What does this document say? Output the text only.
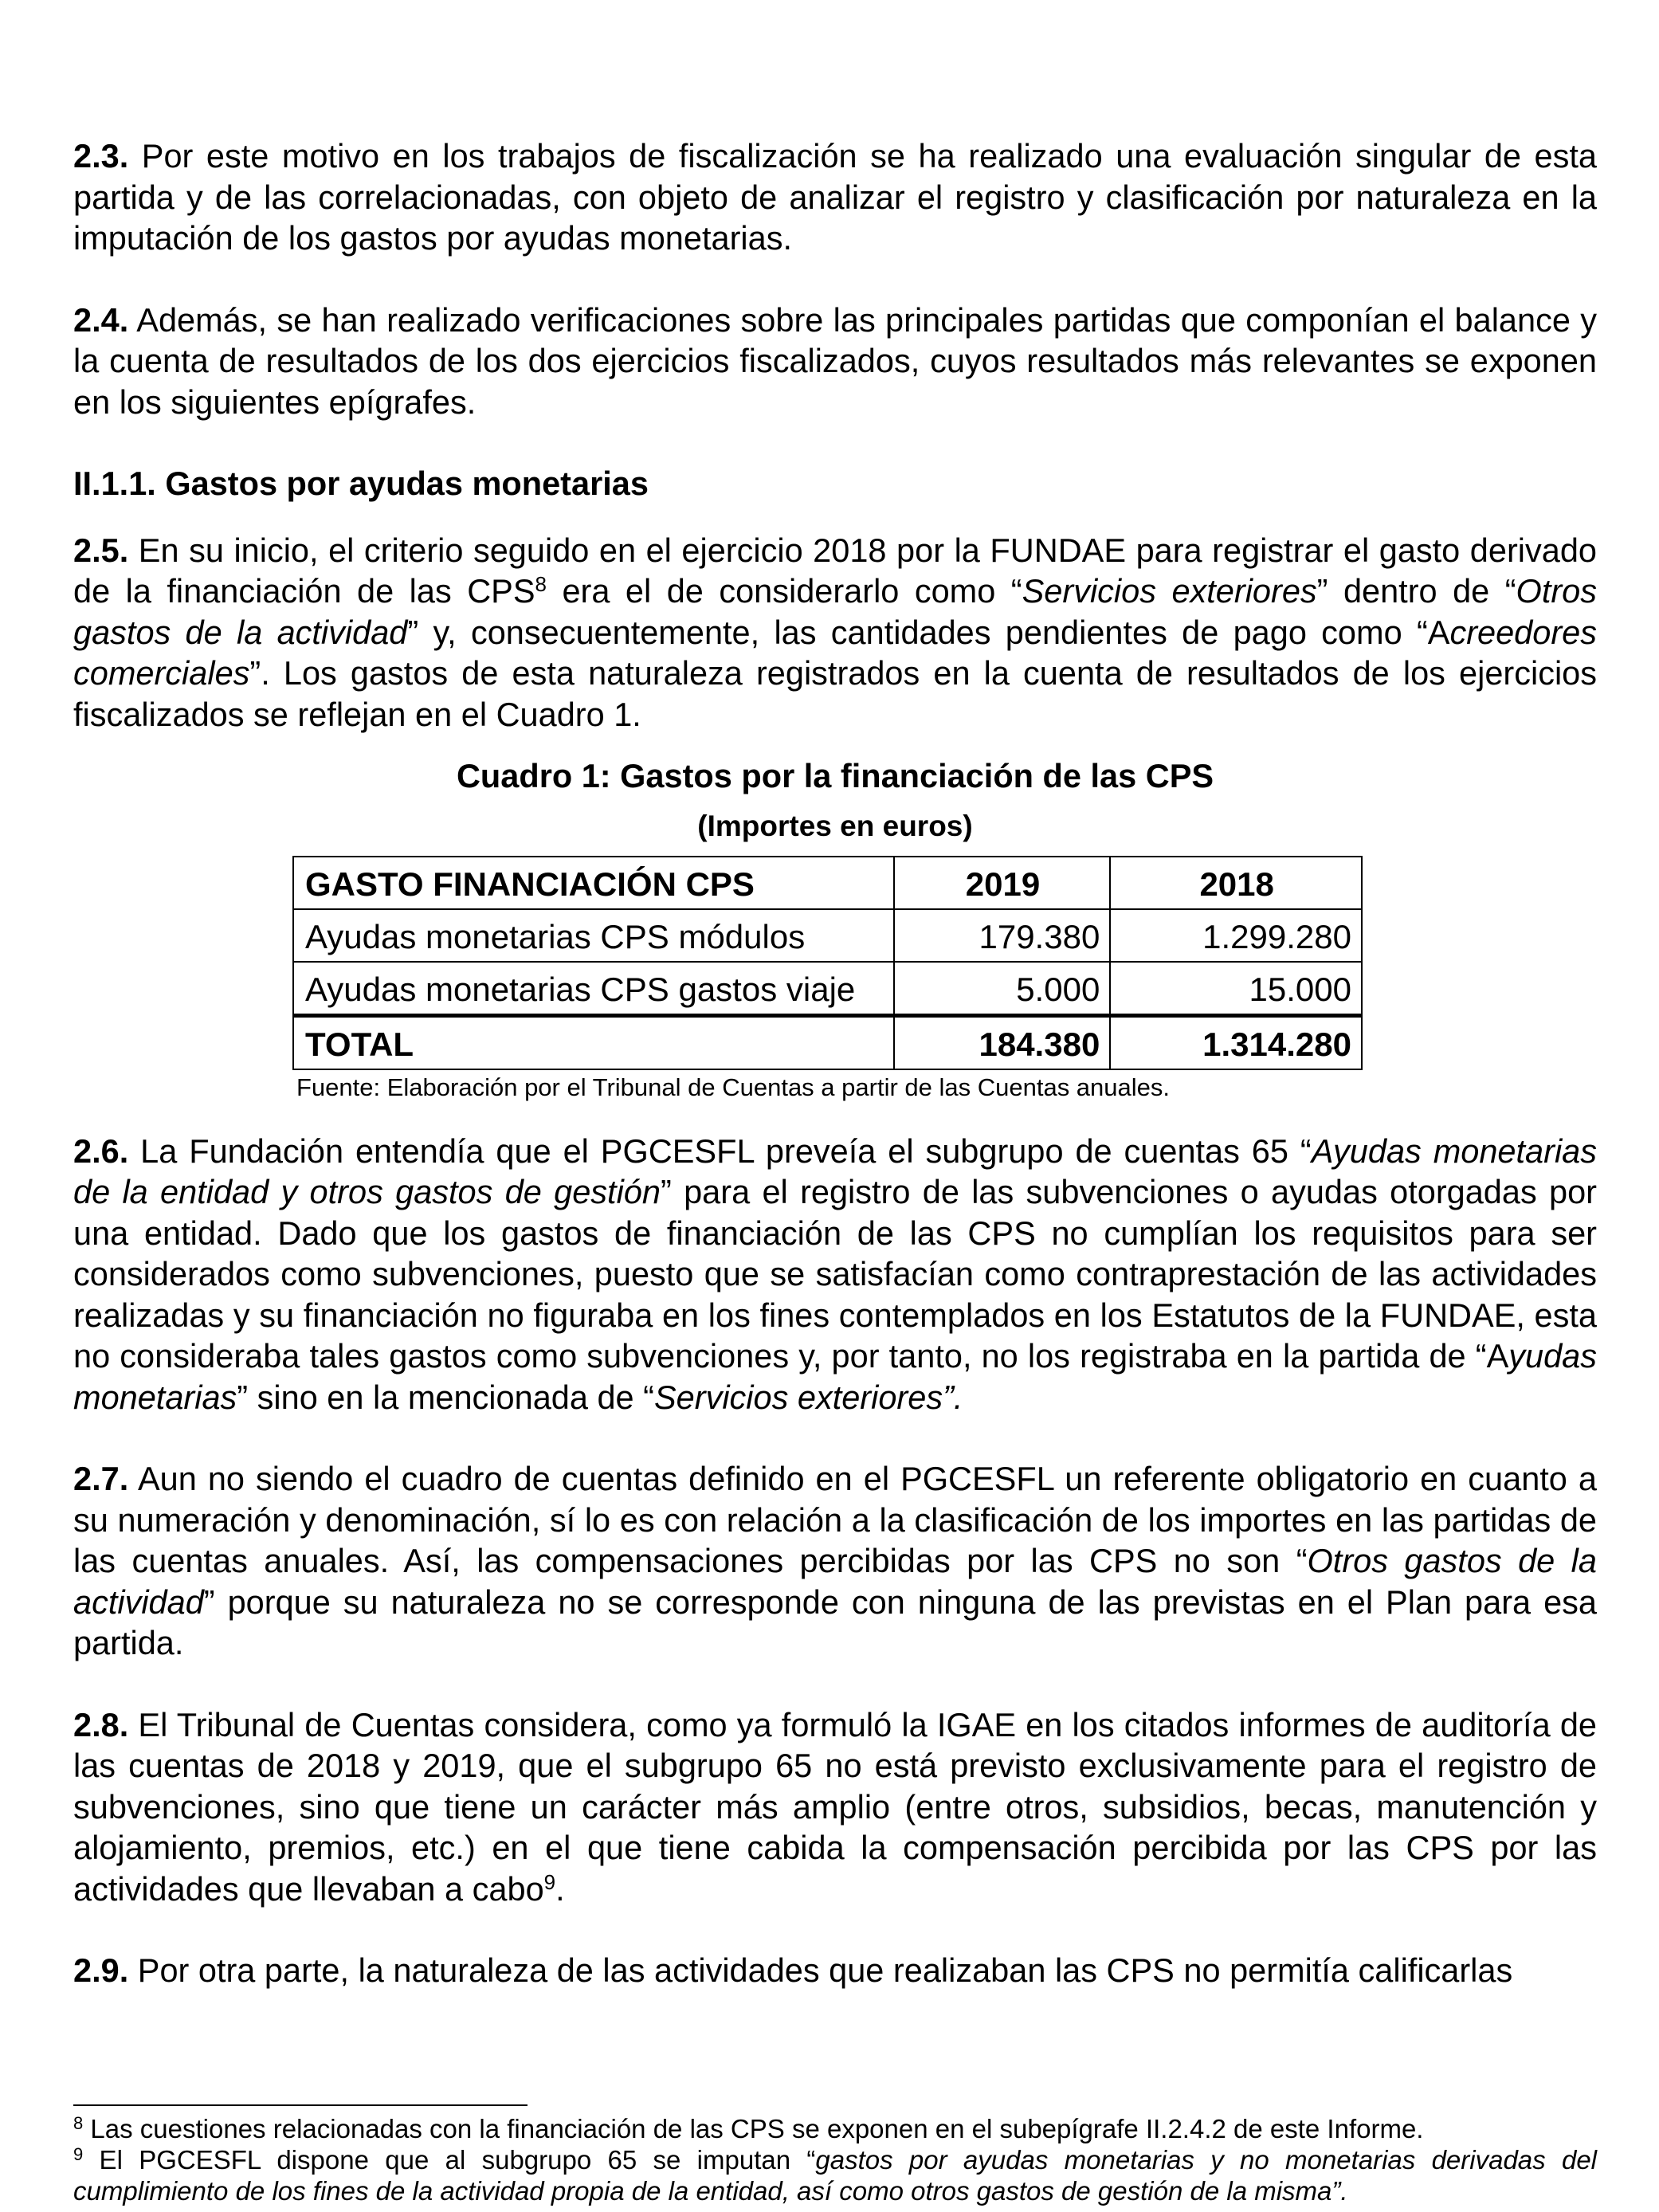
2.3. Por este motivo en los trabajos de fiscalización se ha realizado una evaluación singular de esta partida y de las correlacionadas, con objeto de analizar el registro y clasificación por naturaleza en la imputación de los gastos por ayudas monetarias.

2.4. Además, se han realizado verificaciones sobre las principales partidas que componían el balance y la cuenta de resultados de los dos ejercicios fiscalizados, cuyos resultados más relevantes se exponen en los siguientes epígrafes.

II.1.1. Gastos por ayudas monetarias

2.5. En su inicio, el criterio seguido en el ejercicio 2018 por la FUNDAE para registrar el gasto derivado de la financiación de las CPS$^8$ era el de considerarlo como “Servicios exteriores” dentro de “Otros gastos de la actividad” y, consecuentemente, las cantidades pendientes de pago como “Acreedores comerciales”. Los gastos de esta naturaleza registrados en la cuenta de resultados de los ejercicios fiscalizados se reflejan en el Cuadro 1.

Cuadro 1: Gastos por la financiación de las CPS
(Importes en euros)
GASTO FINANCIACIÓN CPS	2019	2018
Ayudas monetarias CPS módulos	179.380	1.299.280
Ayudas monetarias CPS gastos viaje	5.000	15.000
TOTAL	184.380	1.314.280
Fuente: Elaboración por el Tribunal de Cuentas a partir de las Cuentas anuales.

2.6. La Fundación entendía que el PGCESFL preveía el subgrupo de cuentas 65 “Ayudas monetarias de la entidad y otros gastos de gestión” para el registro de las subvenciones o ayudas otorgadas por una entidad. Dado que los gastos de financiación de las CPS no cumplían los requisitos para ser considerados como subvenciones, puesto que se satisfacían como contraprestación de las actividades realizadas y su financiación no figuraba en los fines contemplados en los Estatutos de la FUNDAE, esta no consideraba tales gastos como subvenciones y, por tanto, no los registraba en la partida de “Ayudas monetarias” sino en la mencionada de “Servicios exteriores”.

2.7. Aun no siendo el cuadro de cuentas definido en el PGCESFL un referente obligatorio en cuanto a su numeración y denominación, sí lo es con relación a la clasificación de los importes en las partidas de las cuentas anuales. Así, las compensaciones percibidas por las CPS no son “Otros gastos de la actividad” porque su naturaleza no se corresponde con ninguna de las previstas en el Plan para esa partida.

2.8. El Tribunal de Cuentas considera, como ya formuló la IGAE en los citados informes de auditoría de las cuentas de 2018 y 2019, que el subgrupo 65 no está previsto exclusivamente para el registro de subvenciones, sino que tiene un carácter más amplio (entre otros, subsidios, becas, manutención y alojamiento, premios, etc.) en el que tiene cabida la compensación percibida por las CPS por las actividades que llevaban a cabo$^9$.

2.9. Por otra parte, la naturaleza de las actividades que realizaban las CPS no permitía calificarlas

$^8$ Las cuestiones relacionadas con la financiación de las CPS se exponen en el subepígrafe II.2.4.2 de este Informe.

$^9$ El PGCESFL dispone que al subgrupo 65 se imputan “gastos por ayudas monetarias y no monetarias derivadas del cumplimiento de los fines de la actividad propia de la entidad, así como otros gastos de gestión de la misma”.
